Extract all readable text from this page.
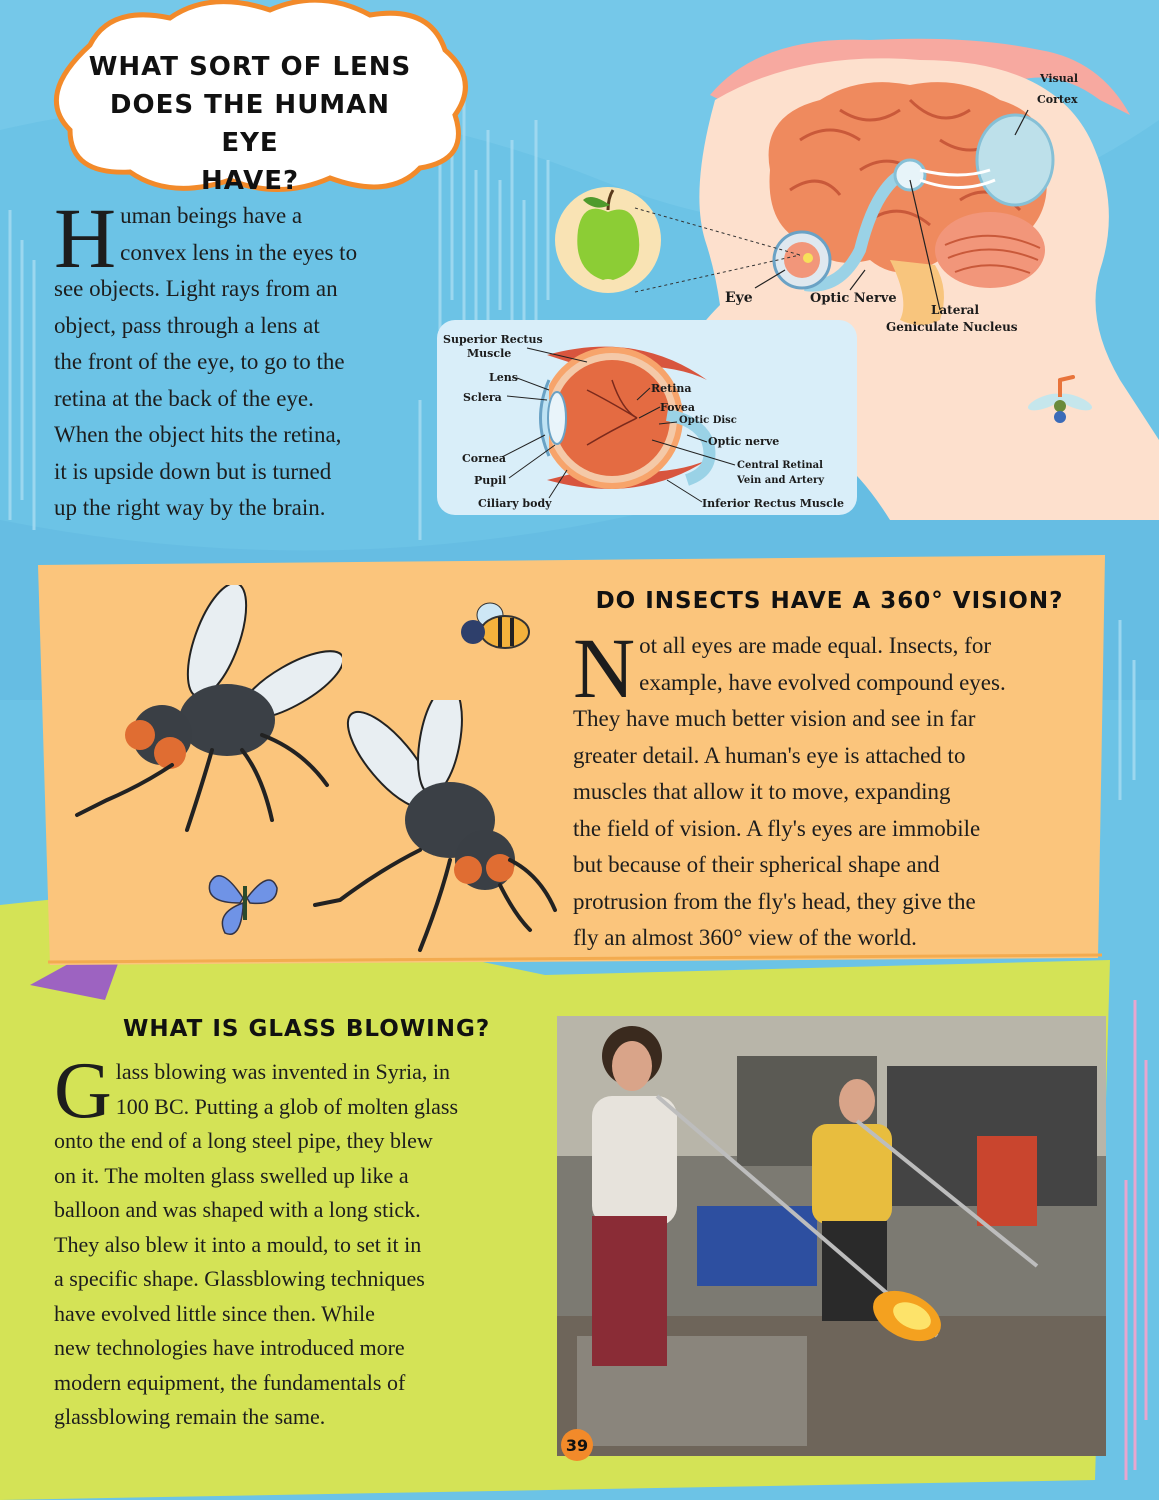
WHAT SORT OF LENS
DOES THE HUMAN EYE
HAVE?
H uman beings have a
convex lens in the eyes to
see objects. Light rays from an
object, pass through a lens at
the front of the eye, to go to the
retina at the back of the eye.
When the object hits the retina,
it is upside down but is turned
up the right way by the brain.

Visual
Cortex
Eye	Optic Nerve
Lateral
Geniculate Nucleus
Superior Rectus
Muscle
Lens
Sclera
Cornea
Pupil
Ciliary body
Retina
Fovea
Optic Disc
Optic nerve
Central Retinal
Vein and Artery
Inferior Rectus Muscle
DO INSECTS HAVE A 360° VISION?
N ot all eyes are made equal. Insects, for
example, have evolved compound eyes.
They have much better vision and see in far
greater detail. A human's eye is attached to
muscles that allow it to move, expanding
the field of vision. A fly's eyes are immobile
but because of their spherical shape and
protrusion from the fly's head, they give the
fly an almost 360° view of the world.

WHAT IS GLASS BLOWING?
G lass blowing was invented in Syria, in
100 BC. Putting a glob of molten glass
onto the end of a long steel pipe, they blew
on it. The molten glass swelled up like a
balloon and was shaped with a long stick.
They also blew it into a mould, to set it in
a specific shape. Glassblowing techniques
have evolved little since then. While
new technologies have introduced more
modern equipment, the fundamentals of
glassblowing remain the same.

39
